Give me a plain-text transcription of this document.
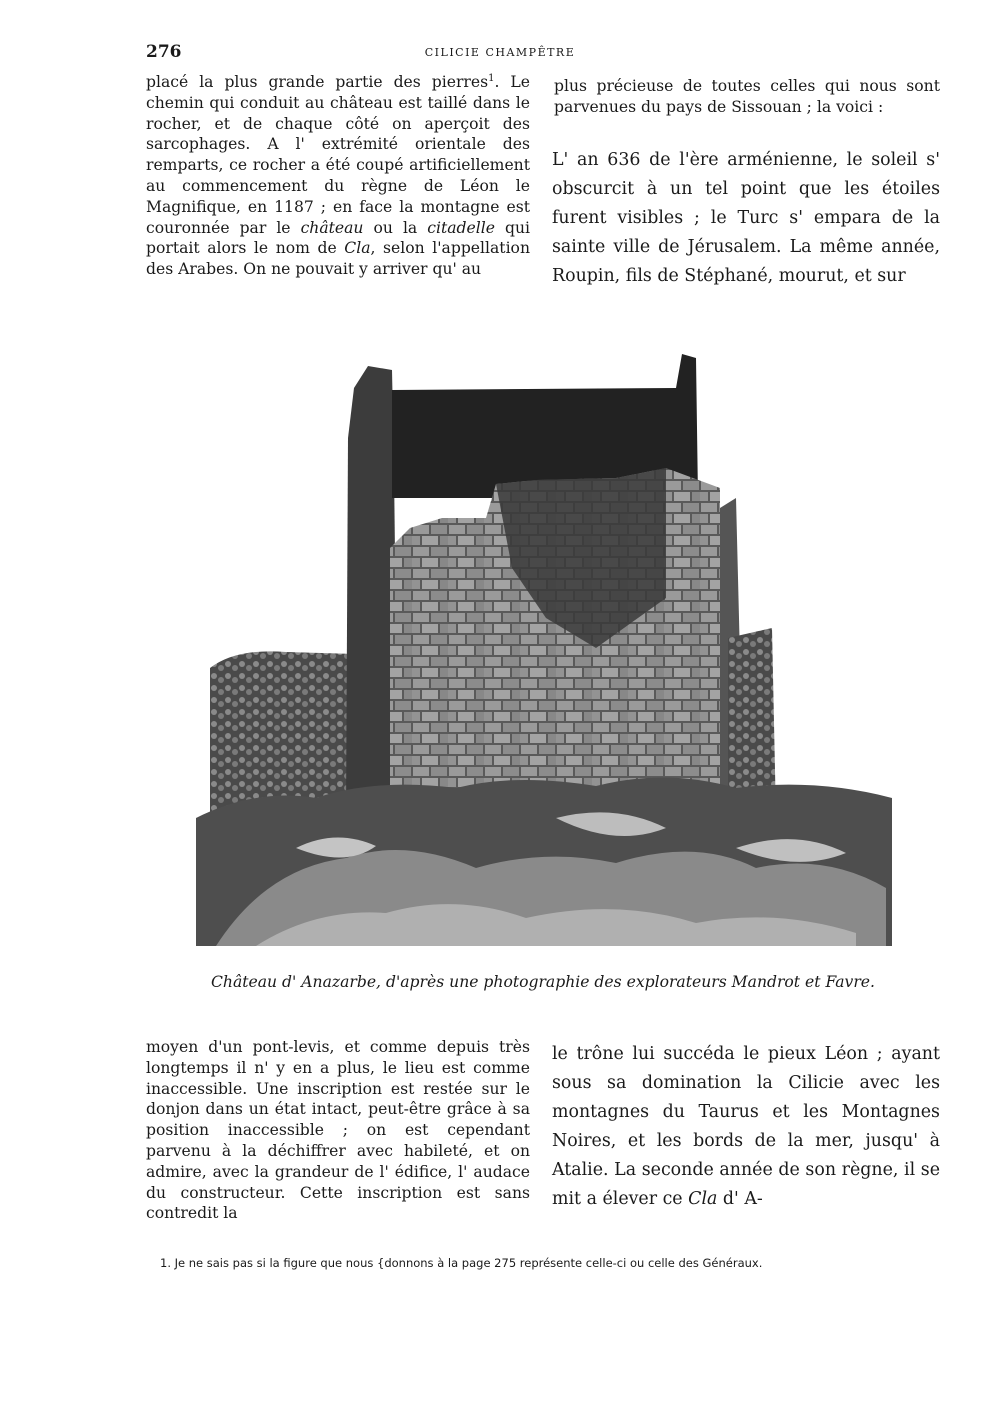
276	CILICIE CHAMPÊTRE

placé la plus grande partie des pierres$^1$. Le chemin qui conduit au château est taillé dans le rocher, et de chaque côté on aperçoit des sarcophages. A l' extrémité orientale des remparts, ce rocher a été coupé artificiellement au commencement du règne de Léon le Magnifique, en 1187 ; en face la montagne est couronnée par le château ou la citadelle qui portait alors le nom de Cla, selon l'appellation des Arabes. On ne pouvait y arriver qu' au

plus précieuse de toutes celles qui nous sont parvenues du pays de Sissouan ; la voici :

L' an 636 de l'ère arménienne, le soleil s' obscurcit à un tel point que les étoiles furent visibles ; le Turc s' empara de la sainte ville de Jérusalem. La même année, Roupin, fils de Stéphané, mourut, et sur

Château d' Anazarbe, d'après une photographie des explorateurs Mandrot et Favre.

moyen d'un pont-levis, et comme depuis très longtemps il n' y en a plus, le lieu est comme inaccessible. Une inscription est restée sur le donjon dans un état intact, peut-être grâce à sa position inaccessible ; on est cependant parvenu à la déchiffrer avec habileté, et on admire, avec la grandeur de l' édifice, l' audace du constructeur. Cette inscription est sans contredit la

le trône lui succéda le pieux Léon ; ayant sous sa domination la Cilicie avec les montagnes du Taurus et les Montagnes Noires, et les bords de la mer, jusqu' à Atalie. La seconde année de son règne, il se mit a élever ce Cla d' A-

1. Je ne sais pas si la figure que nous {donnons à la page 275 représente celle-ci ou celle des Généraux.
